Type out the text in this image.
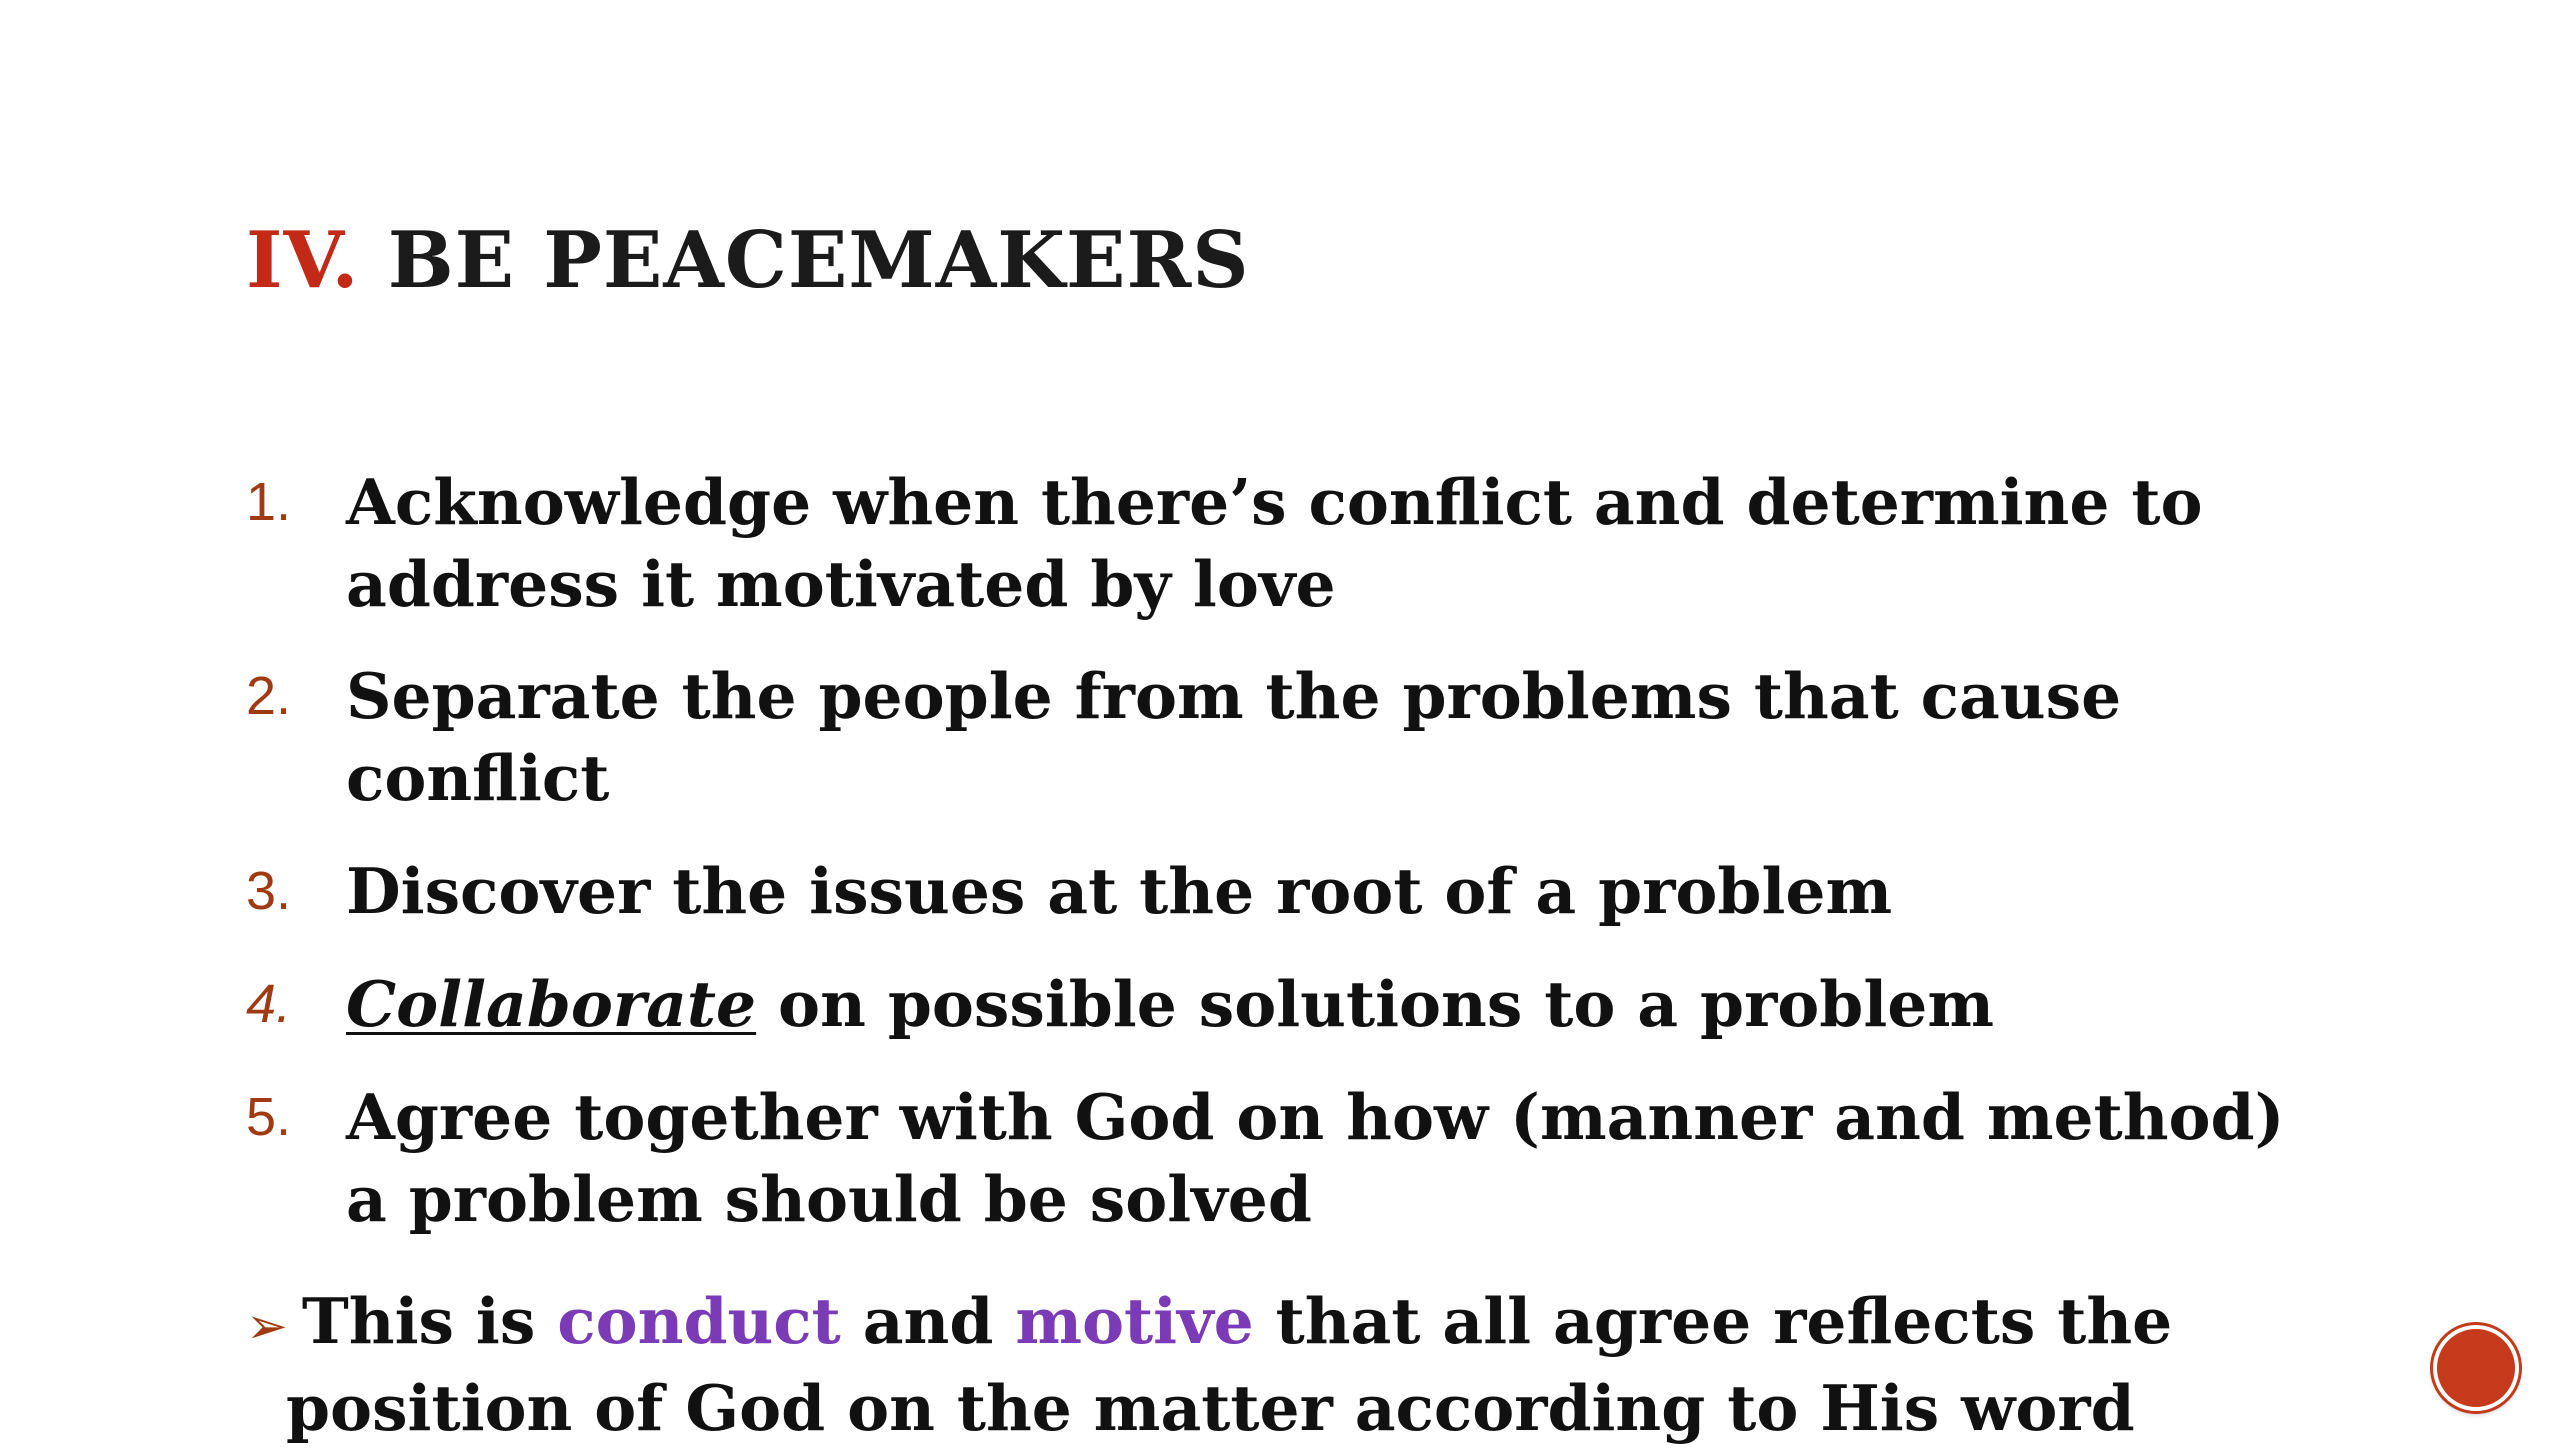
IV. BE PEACEMAKERS
1. Acknowledge when there’s conflict and determine to
address it motivated by love
2. Separate the people from the problems that cause
conflict
3. Discover the issues at the root of a problem
4. Collaborate on possible solutions to a problem
5. Agree together with God on how (manner and method)
a problem should be solved
➢ This is conduct and motive that all agree reflects the
position of God on the matter according to His word
